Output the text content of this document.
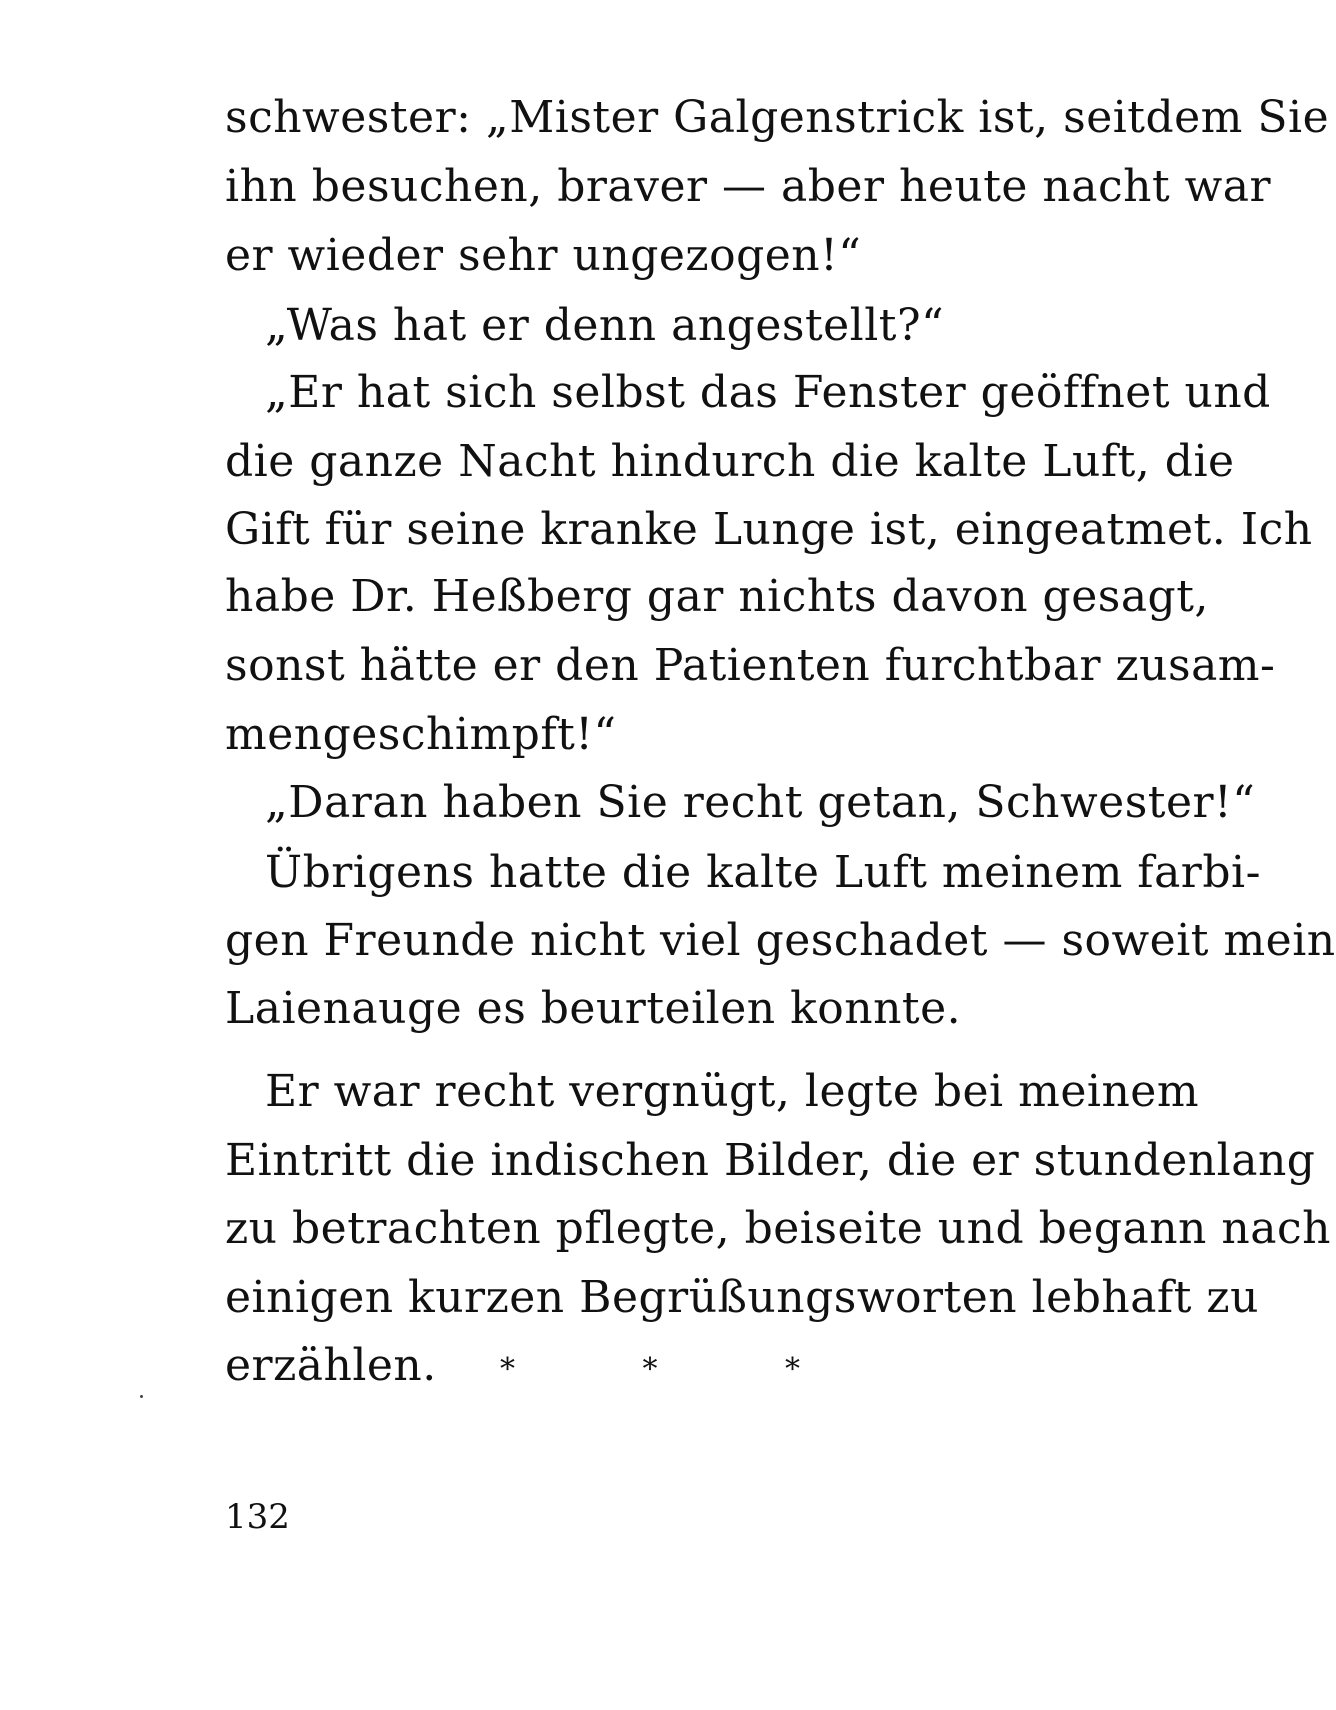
schwester: „Mister Galgenstrick ist, seitdem Sie
ihn besuchen, braver — aber heute nacht war
er wieder sehr ungezogen!“
„Was hat er denn angestellt?“
„Er hat sich selbst das Fenster geöffnet und
die ganze Nacht hindurch die kalte Luft, die
Gift für seine kranke Lunge ist, eingeatmet. Ich
habe Dr. Heßberg gar nichts davon gesagt,
sonst hätte er den Patienten furchtbar zusam-
mengeschimpft!“
„Daran haben Sie recht getan, Schwester!“
Übrigens hatte die kalte Luft meinem farbi-
gen Freunde nicht viel geschadet — soweit mein
Laienauge es beurteilen konnte.
Er war recht vergnügt, legte bei meinem
Eintritt die indischen Bilder, die er stundenlang
zu betrachten pflegte, beiseite und begann nach
einigen kurzen Begrüßungsworten lebhaft zu
erzählen.	*	*	*
132
